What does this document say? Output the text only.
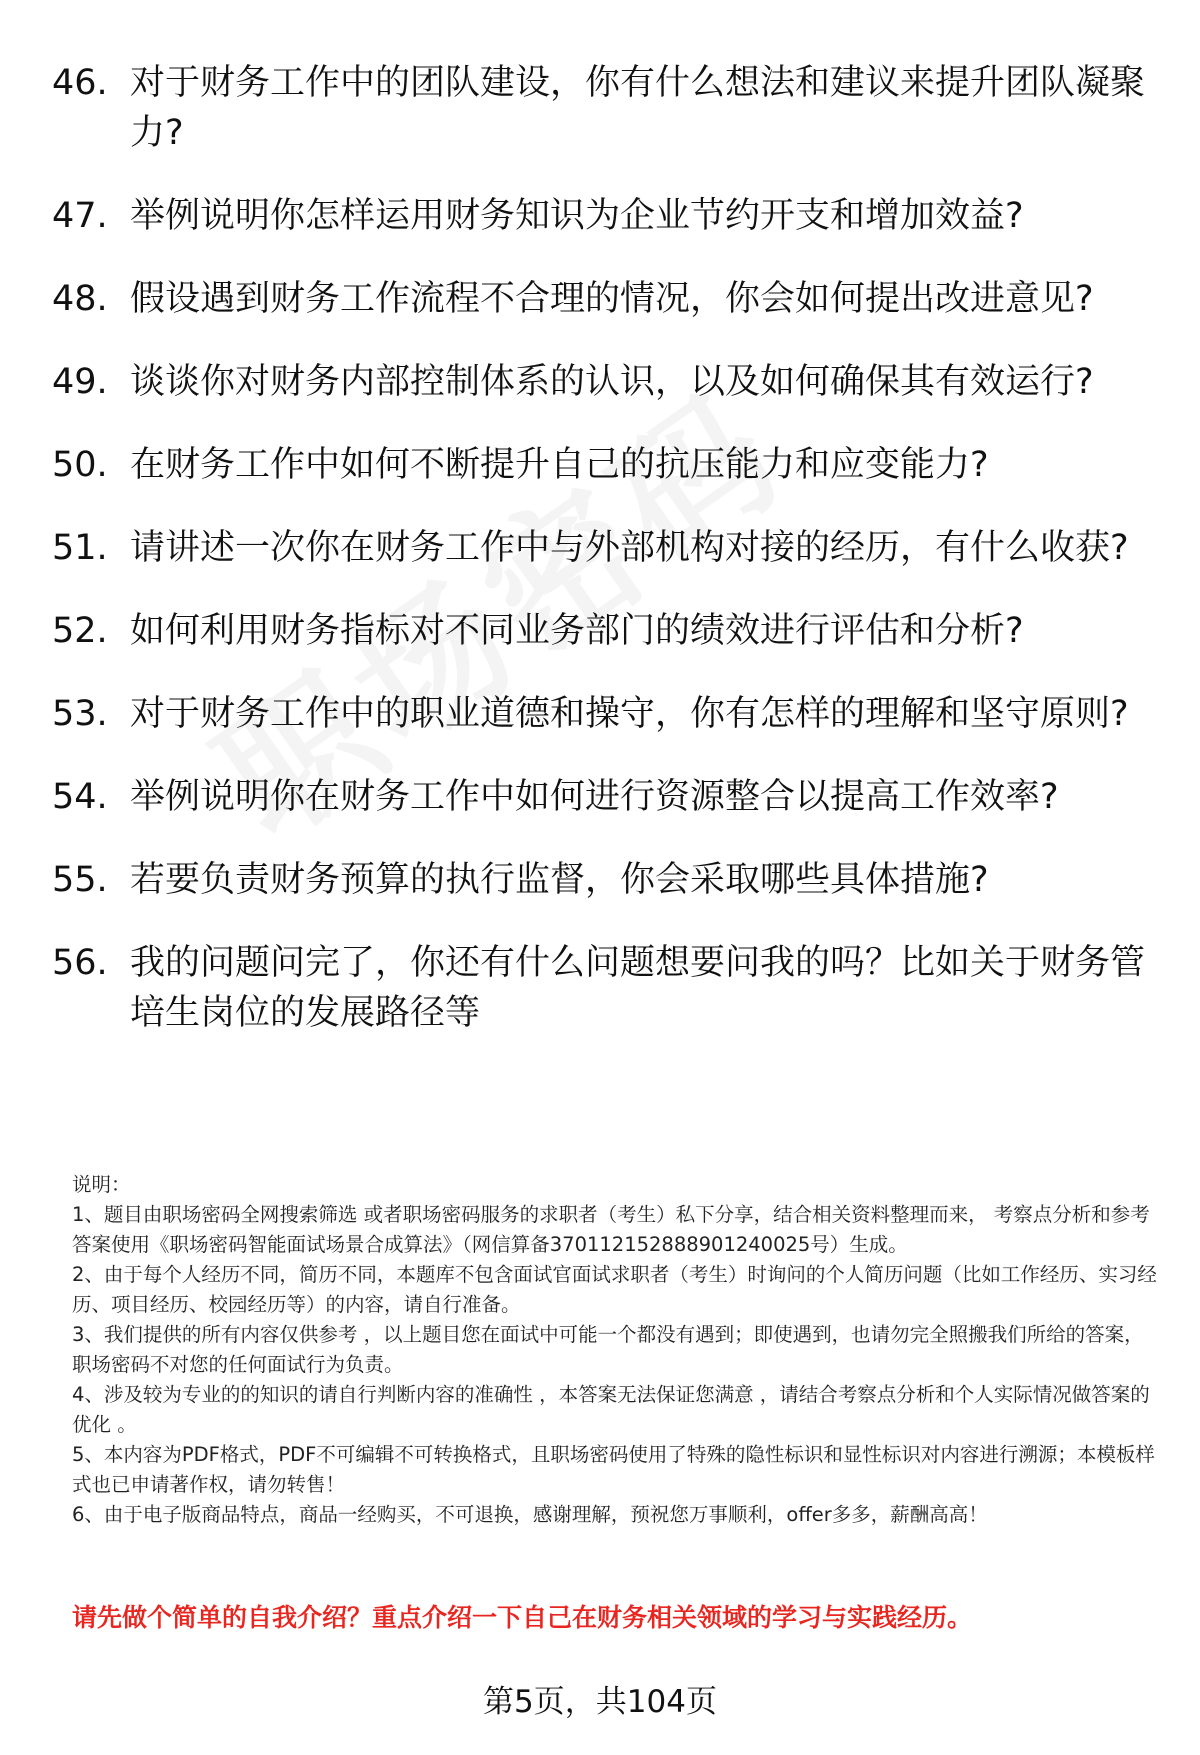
46. 对于财务工作中的团队建设，你有什么想法和建议来提升团队凝聚力?
47. 举例说明你怎样运用财务知识为企业节约开支和增加效益?
48. 假设遇到财务工作流程不合理的情况，你会如何提出改进意见?
49. 谈谈你对财务内部控制体系的认识，以及如何确保其有效运行?
50. 在财务工作中如何不断提升自己的抗压能力和应变能力?
51. 请讲述一次你在财务工作中与外部机构对接的经历，有什么收获?
52. 如何利用财务指标对不同业务部门的绩效进行评估和分析?
53. 对于财务工作中的职业道德和操守，你有怎样的理解和坚守原则?
54. 举例说明你在财务工作中如何进行资源整合以提高工作效率?
55. 若要负责财务预算的执行监督，你会采取哪些具体措施?
56. 我的问题问完了，你还有什么问题想要问我的吗？比如关于财务管培生岗位的发展路径等
说明：
1、题目由职场密码全网搜索筛选 或者职场密码服务的求职者（考生）私下分享，结合相关资料整理而来， 考察点分析和参考答案使用《职场密码智能面试场景合成算法》（网信算备370112152888901240025号）生成。
2、由于每个人经历不同，简历不同，本题库不包含面试官面试求职者（考生）时询问的个人简历问题（比如工作经历、实习经历、项目经历、校园经历等）的内容，请自行准备。
3、我们提供的所有内容仅供参考 ，以上题目您在面试中可能一个都没有遇到；即使遇到，也请勿完全照搬我们所给的答案，职场密码不对您的任何面试行为负责。
4、涉及较为专业的的知识的请自行判断内容的准确性 ，本答案无法保证您满意 ，请结合考察点分析和个人实际情况做答案的优化 。
5、本内容为PDF格式，PDF不可编辑不可转换格式，且职场密码使用了特殊的隐性标识和显性标识对内容进行溯源；本模板样式也已申请著作权，请勿转售！
6、由于电子版商品特点，商品一经购买，不可退换，感谢理解，预祝您万事顺利，offer多多，薪酬高高！
请先做个简单的自我介绍？重点介绍一下自己在财务相关领域的学习与实践经历。
第5页，共104页
